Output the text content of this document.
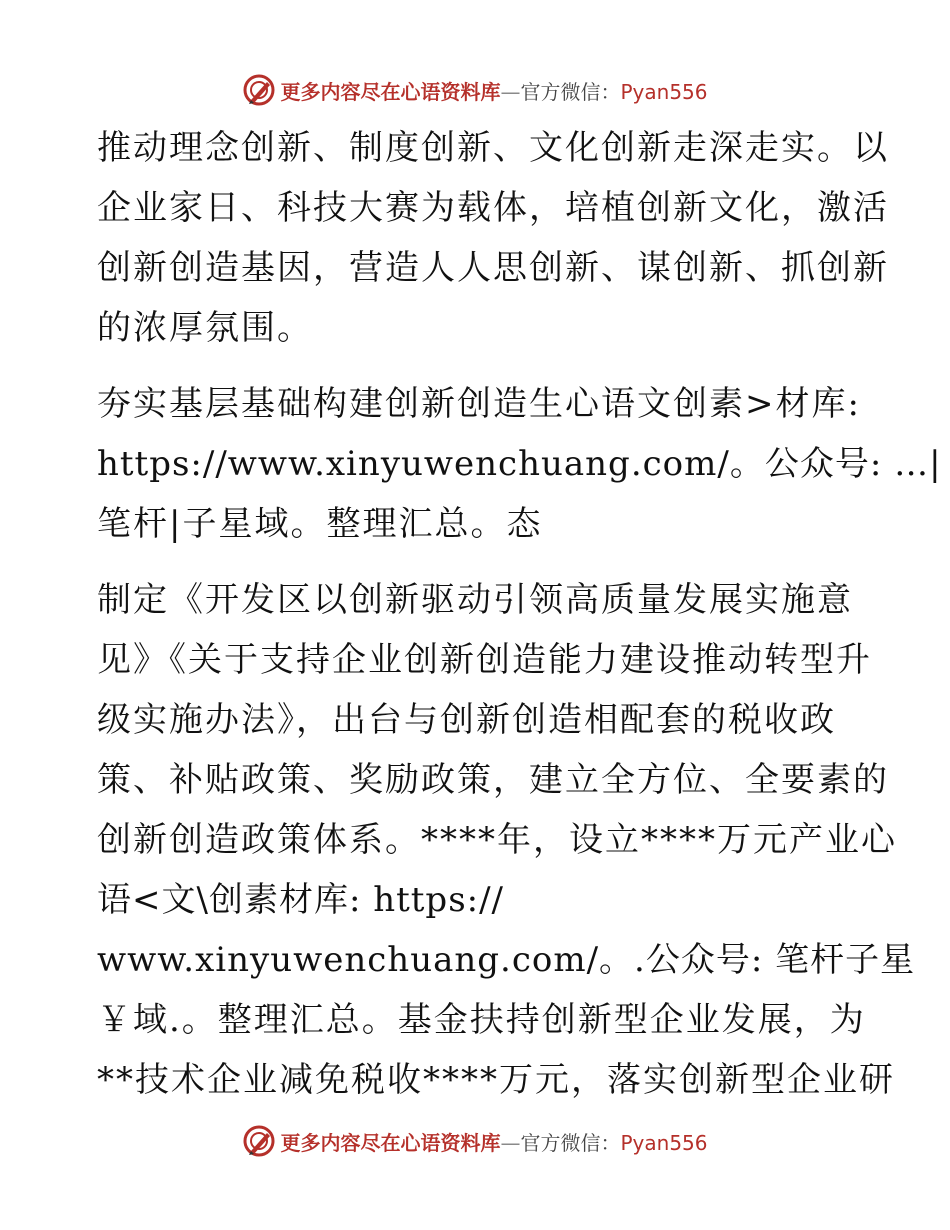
更多内容尽在心语资料库—官方微信：Pyan556
推动理念创新、制度创新、文化创新走深走实。以
企业家日、科技大赛为载体，培植创新文化，激活
创新创造基因，营造人人思创新、谋创新、抓创新
的浓厚氛围。
夯实基层基础构建创新创造生心语文创素>材库:
https://www.xinyuwenchuang.com/。公众号: …|
笔杆|子星域。整理汇总。态
制定《开发区以创新驱动引领高质量发展实施意
见》《关于支持企业创新创造能力建设推动转型升
级实施办法》，出台与创新创造相配套的税收政
策、补贴政策、奖励政策，建立全方位、全要素的
创新创造政策体系。****年，设立****万元产业心
语<文\创素材库: https://
www.xinyuwenchuang.com/。.公众号: 笔杆子星
￥域.。整理汇总。基金扶持创新型企业发展，为
**技术企业减免税收****万元，落实创新型企业研
更多内容尽在心语资料库—官方微信：Pyan556
